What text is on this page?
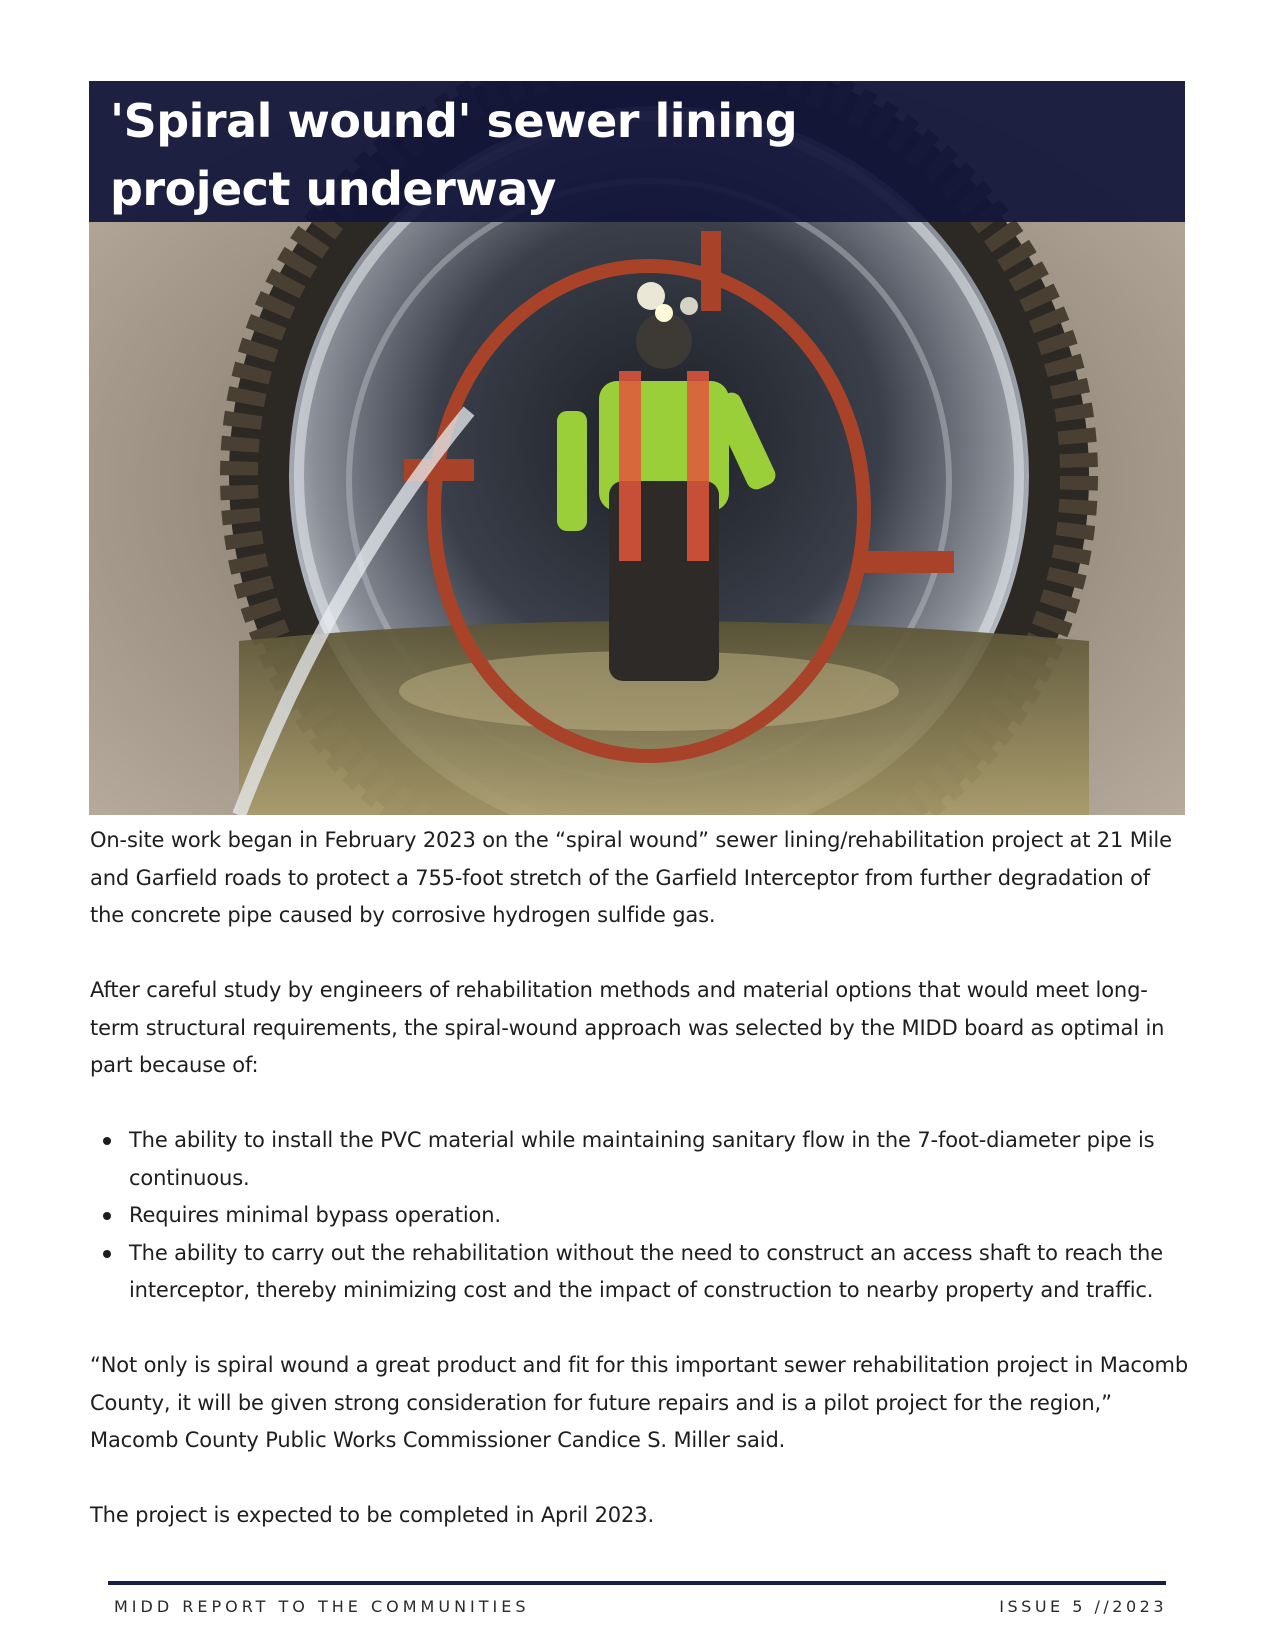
'Spiral wound' sewer lining project underway

On-site work began in February 2023 on the “spiral wound” sewer lining/rehabilitation project at 21 Mile and Garfield roads to protect a 755-foot stretch of the Garfield Interceptor from further degradation of the concrete pipe caused by corrosive hydrogen sulfide gas.

After careful study by engineers of rehabilitation methods and material options that would meet long-term structural requirements, the spiral-wound approach was selected by the MIDD board as optimal in part because of:

The ability to install the PVC material while maintaining sanitary flow in the 7-foot-diameter pipe is continuous.
Requires minimal bypass operation.
The ability to carry out the rehabilitation without the need to construct an access shaft to reach the interceptor, thereby minimizing cost and the impact of construction to nearby property and traffic.

“Not only is spiral wound a great product and fit for this important sewer rehabilitation project in Macomb County, it will be given strong consideration for future repairs and is a pilot project for the region,” Macomb County Public Works Commissioner Candice S. Miller said.

The project is expected to be completed in April 2023.

MIDD REPORT TO THE COMMUNITIES	ISSUE 5 //2023
